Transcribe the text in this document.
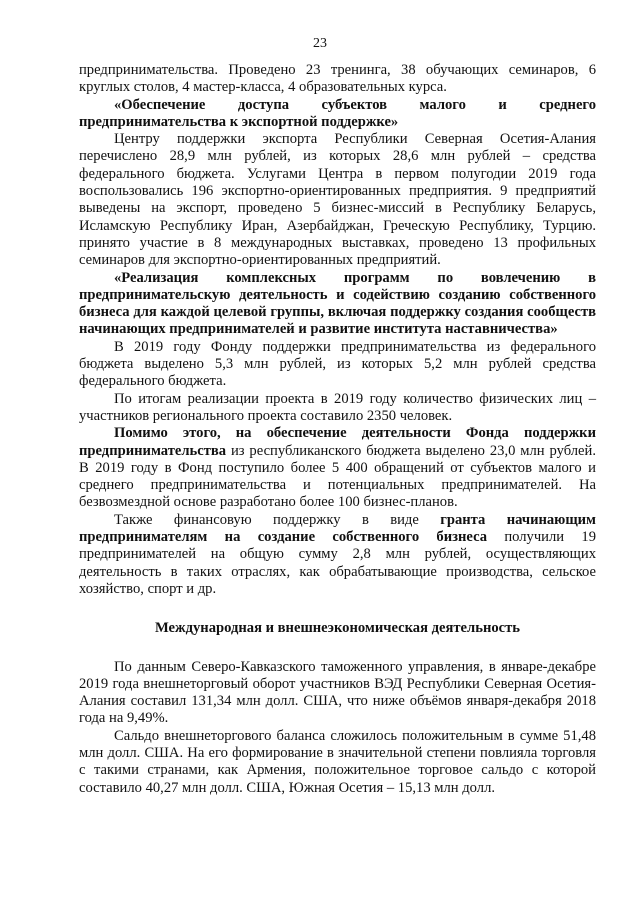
23

предпринимательства. Проведено 23 тренинга, 38 обучающих семинаров, 6 круглых столов, 4 мастер-класса, 4 образовательных курса.

«Обеспечение доступа субъектов малого и среднего предпринимательства к экспортной поддержке»

Центру поддержки экспорта Республики Северная Осетия-Алания перечислено 28,9 млн рублей, из которых 28,6 млн рублей – средства федерального бюджета. Услугами Центра в первом полугодии 2019 года воспользовались 196 экспортно-ориентированных предприятия. 9 предприятий выведены на экспорт, проведено 5 бизнес-миссий в Республику Беларусь, Исламскую Республику Иран, Азербайджан, Греческую Республику, Турцию. принято участие в 8 международных выставках, проведено 13 профильных семинаров для экспортно-ориентированных предприятий.

«Реализация комплексных программ по вовлечению в предпринимательскую деятельность и содействию созданию собственного бизнеса для каждой целевой группы, включая поддержку создания сообществ начинающих предпринимателей и развитие института наставничества»

В 2019 году Фонду поддержки предпринимательства из федерального бюджета выделено 5,3 млн рублей, из которых 5,2 млн рублей средства федерального бюджета.

По итогам реализации проекта в 2019 году количество физических лиц – участников регионального проекта составило 2350 человек.

Помимо этого, на обеспечение деятельности Фонда поддержки предпринимательства из республиканского бюджета выделено 23,0 млн рублей. В 2019 году в Фонд поступило более 5 400 обращений от субъектов малого и среднего предпринимательства и потенциальных предпринимателей. На безвозмездной основе разработано более 100 бизнес-планов.

Также финансовую поддержку в виде гранта начинающим предпринимателям на создание собственного бизнеса получили 19 предпринимателей на общую сумму 2,8 млн рублей, осуществляющих деятельность в таких отраслях, как обрабатывающие производства, сельское хозяйство, спорт и др.

Международная и внешнеэкономическая деятельность

По данным Северо-Кавказского таможенного управления, в январе-декабре 2019 года внешнеторговый оборот участников ВЭД Республики Северная Осетия-Алания составил 131,34 млн долл. США, что ниже объёмов января-декабря 2018 года на 9,49%.

Сальдо внешнеторгового баланса сложилось положительным в сумме 51,48 млн долл. США. На его формирование в значительной степени повлияла торговля с такими странами, как Армения, положительное торговое сальдо с которой составило 40,27 млн долл. США, Южная Осетия – 15,13 млн долл.
